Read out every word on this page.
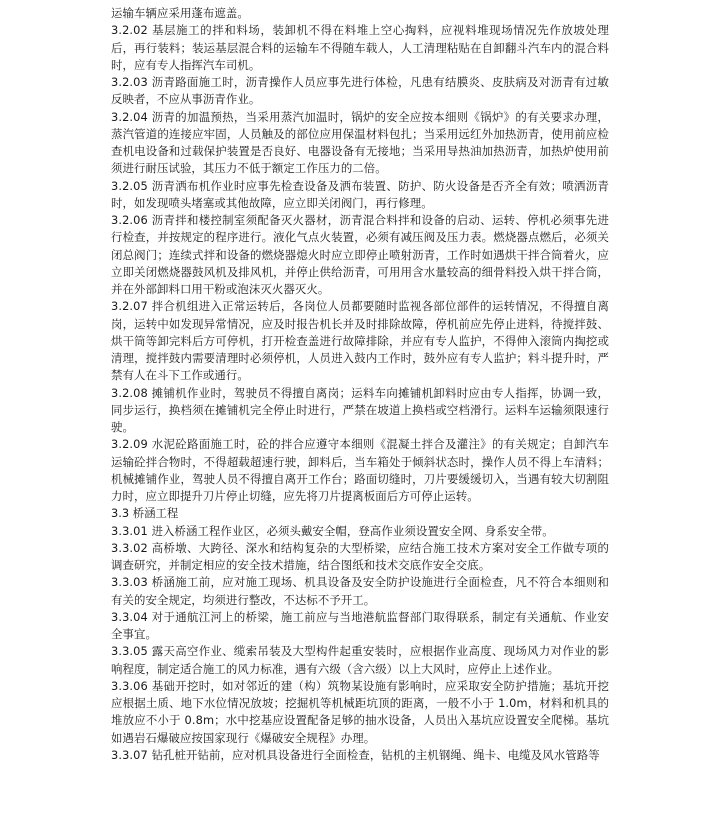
运输车辆应采用蓬布遮盖。

3.2.02 基层施工的拌和料场，装卸机不得在料堆上空心掏料，应视料堆现场情况先作放坡处理后，再行装料；装运基层混合料的运输车不得随车载人，人工清理粘贴在自卸翻斗汽车内的混合料时，应有专人指挥汽车司机。

3.2.03 沥青路面施工时，沥青操作人员应事先进行体检，凡患有结膜炎、皮肤病及对沥青有过敏反映者，不应从事沥青作业。

3.2.04 沥青的加温预热，当采用蒸汽加温时，锅炉的安全应按本细则《锅炉》的有关要求办理，蒸汽管道的连接应牢固，人员触及的部位应用保温材料包扎；当采用远红外加热沥青，使用前应检查机电设备和过载保护装置是否良好、电器设备有无接地；当采用导热油加热沥青，加热炉使用前须进行耐压试验，其压力不低于额定工作压力的二倍。

3.2.05 沥青洒布机作业时应事先检查设备及洒布装置、防护、防火设备是否齐全有效；喷洒沥青时，如发现喷头堵塞或其他故障，应立即关闭阀门，再行修理。

3.2.06 沥青拌和楼控制室须配备灭火器材，沥青混合料拌和设备的启动、运转、停机必须事先进行检查，并按规定的程序进行。液化气点火装置，必须有减压阀及压力表。燃烧器点燃后，必须关闭总阀门；连续式拌和设备的燃烧器熄火时应立即停止喷射沥青，工作时如遇烘干拌合筒着火，应立即关闭燃烧器鼓风机及排风机，并停止供给沥青，可用用含水量较高的细骨料投入烘干拌合筒，并在外部卸料口用干粉或泡沫灭火器灭火。

3.2.07 拌合机组进入正常运转后，各岗位人员都要随时监视各部位部件的运转情况，不得擅自离岗，运转中如发现异常情况，应及时报告机长并及时排除故障，停机前应先停止进料，待搅拌鼓、烘干筒等卸完料后方可停机，打开检查盖进行故障排除，并应有专人监护，不得伸入滚筒内掏挖或清理，搅拌鼓内需要清理时必须停机，人员进入鼓内工作时，鼓外应有专人监护；料斗提升时，严禁有人在斗下工作或通行。

3.2.08 摊铺机作业时，驾驶员不得擅自离岗；运料车向摊铺机卸料时应由专人指挥，协调一致，同步运行，换档须在摊铺机完全停止时进行，严禁在坡道上换档或空档滑行。运料车运输须限速行驶。

3.2.09 水泥砼路面施工时，砼的拌合应遵守本细则《混凝土拌合及灌注》的有关规定；自卸汽车运输砼拌合物时，不得超载超速行驶，卸料后，当车箱处于倾斜状态时，操作人员不得上车清料；机械摊铺作业，驾驶人员不得擅自离开工作台；路面切缝时，刀片要缓缓切入，当遇有较大切割阻力时，应立即提升刀片停止切缝，应先将刀片提离板面后方可停止运转。

3.3 桥涵工程

3.3.01 进入桥涵工程作业区，必须头戴安全帽，登高作业须设置安全网、身系安全带。

3.3.02 高桥墩、大跨径、深水和结构复杂的大型桥梁，应结合施工技术方案对安全工作做专项的调查研究，并制定相应的安全技术措施，结合图纸和技术交底作安全交底。

3.3.03 桥涵施工前，应对施工现场、机具设备及安全防护设施进行全面检查，凡不符合本细则和有关的安全规定，均须进行整改，不达标不予开工。

3.3.04 对于通航江河上的桥梁，施工前应与当地港航监督部门取得联系，制定有关通航、作业安全事宜。

3.3.05 露天高空作业、缆索吊装及大型构件起重安装时，应根据作业高度、现场风力对作业的影响程度，制定适合施工的风力标准，遇有六级（含六级）以上大风时，应停止上述作业。

3.3.06 基础开挖时，如对邻近的建（构）筑物某设施有影响时，应采取安全防护措施；基坑开挖应根据土质、地下水位情况放坡；挖掘机等机械距坑顶的距离，一般不小于 1.0m，材料和机具的堆放应不小于 0.8m；水中挖基应设置配备足够的抽水设备，人员出入基坑应设置安全爬梯。基坑如遇岩石爆破应按国家现行《爆破安全规程》办理。

3.3.07 钻孔桩开钻前，应对机具设备进行全面检查，钻机的主机钢绳、绳卡、电缆及风水管路等
